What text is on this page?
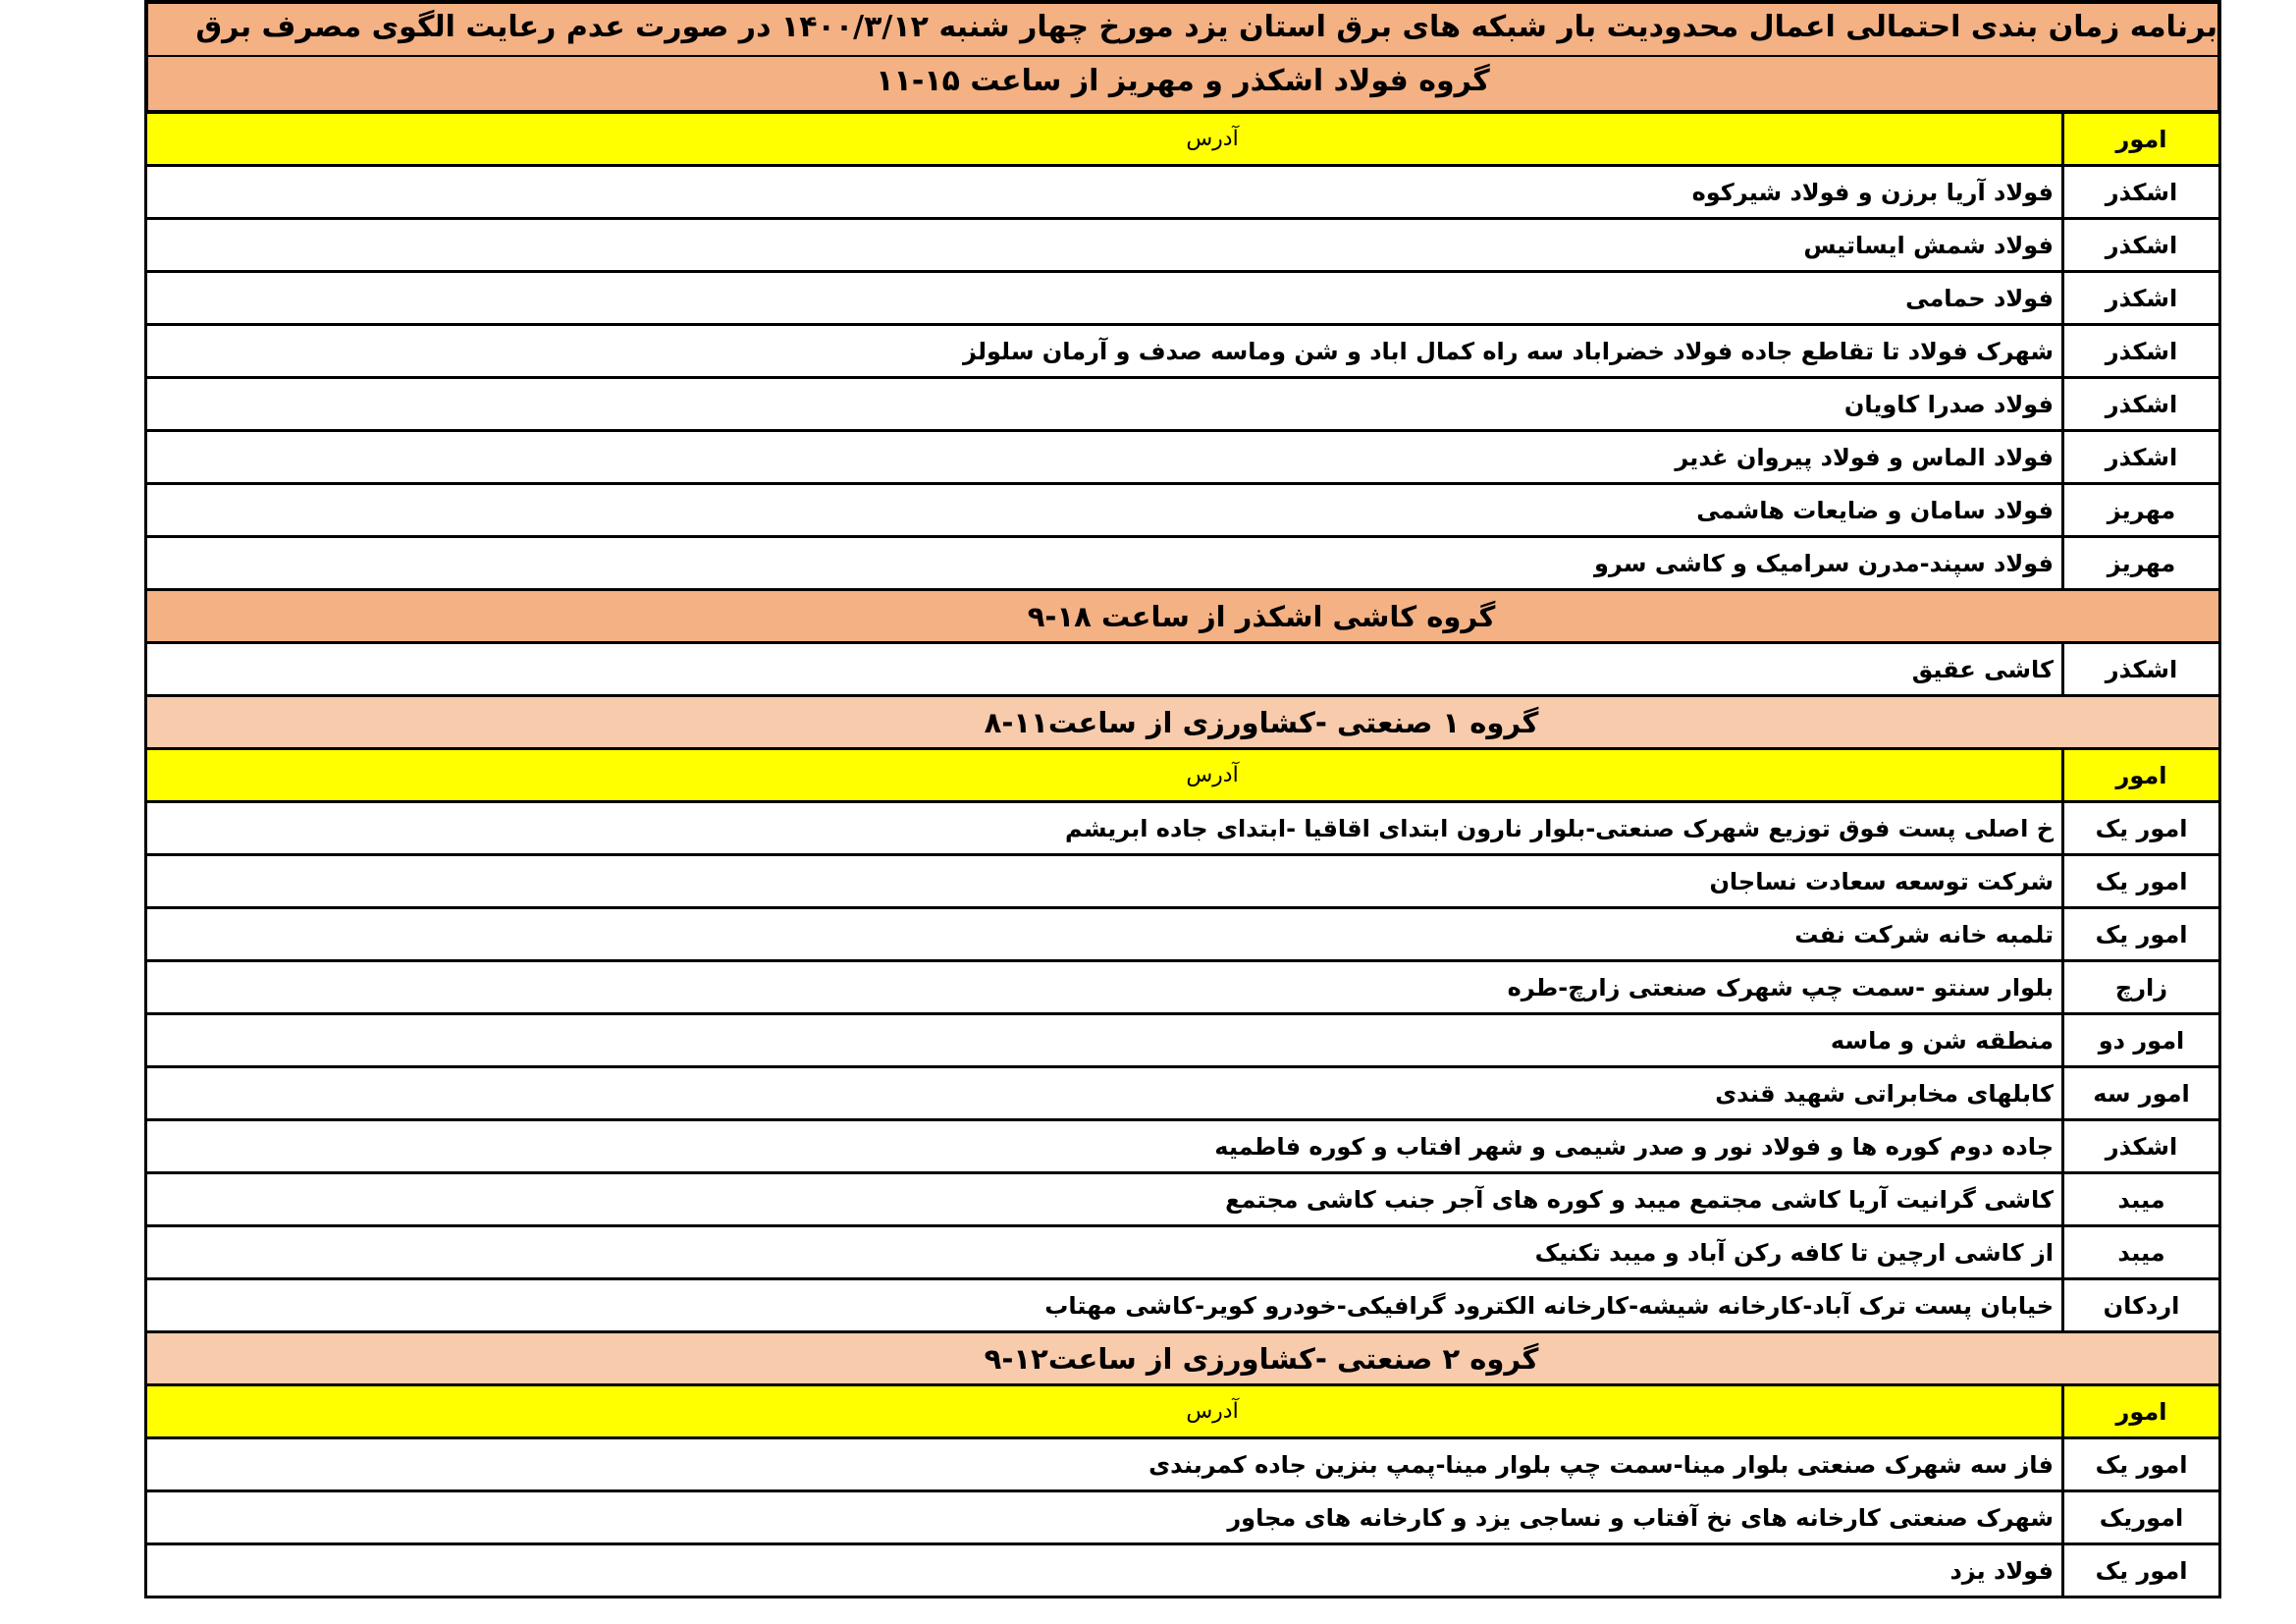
برنامه زمان بندی احتمالی اعمال محدودیت بار شبکه های برق استان یزد مورخ چهار شنبه ۱۴۰۰/۳/۱۲ در صورت عدم رعایت الگوی مصرف برق
گروه فولاد اشکذر و مهریز از ساعت ۱۵-۱۱
امور
آدرس
اشکذر
فولاد آریا برزن و فولاد شیرکوه
اشکذر
فولاد شمش ایساتیس
اشکذر
فولاد حمامی
اشکذر
شهرک فولاد تا تقاطع جاده فولاد خضراباد سه راه کمال اباد و شن وماسه صدف و آرمان سلولز
اشکذر
فولاد صدرا کاویان
اشکذر
فولاد الماس و فولاد پیروان غدیر
مهریز
فولاد سامان و ضایعات هاشمی
مهریز
فولاد سپند-مدرن سرامیک و کاشی سرو
گروه کاشی اشکذر از ساعت ۱۸-۹
اشکذر
کاشی عقیق
گروه ۱ صنعتی -کشاورزی از ساعت۱۱-۸
امور
آدرس
امور یک
خ اصلی پست فوق توزیع شهرک صنعتی-بلوار نارون ابتدای اقاقیا -ابتدای جاده ابریشم
امور یک
شرکت توسعه سعادت نساجان
امور یک
تلمبه خانه شرکت نفت
زارچ
بلوار سنتو -سمت چپ شهرک صنعتی زارچ-طره
امور دو
منطقه شن و ماسه
امور سه
کابلهای مخابراتی شهید قندی
اشکذر
جاده دوم کوره ها و فولاد نور و صدر شیمی و شهر افتاب و کوره فاطمیه
میبد
کاشی گرانیت آریا کاشی مجتمع میبد و کوره های آجر جنب کاشی مجتمع
میبد
از کاشی ارچین تا کافه رکن آباد و میبد تکنیک
اردکان
خیابان پست ترک آباد-کارخانه شیشه-کارخانه الکترود گرافیکی-خودرو کویر-کاشی مهتاب
گروه ۲ صنعتی -کشاورزی از ساعت۱۲-۹
امور
آدرس
امور یک
فاز سه شهرک صنعتی بلوار مینا-سمت چپ بلوار مینا-پمپ بنزین جاده کمربندی
اموریک
شهرک صنعتی کارخانه های نخ آفتاب و نساجی یزد و کارخانه های مجاور
امور یک
فولاد یزد
